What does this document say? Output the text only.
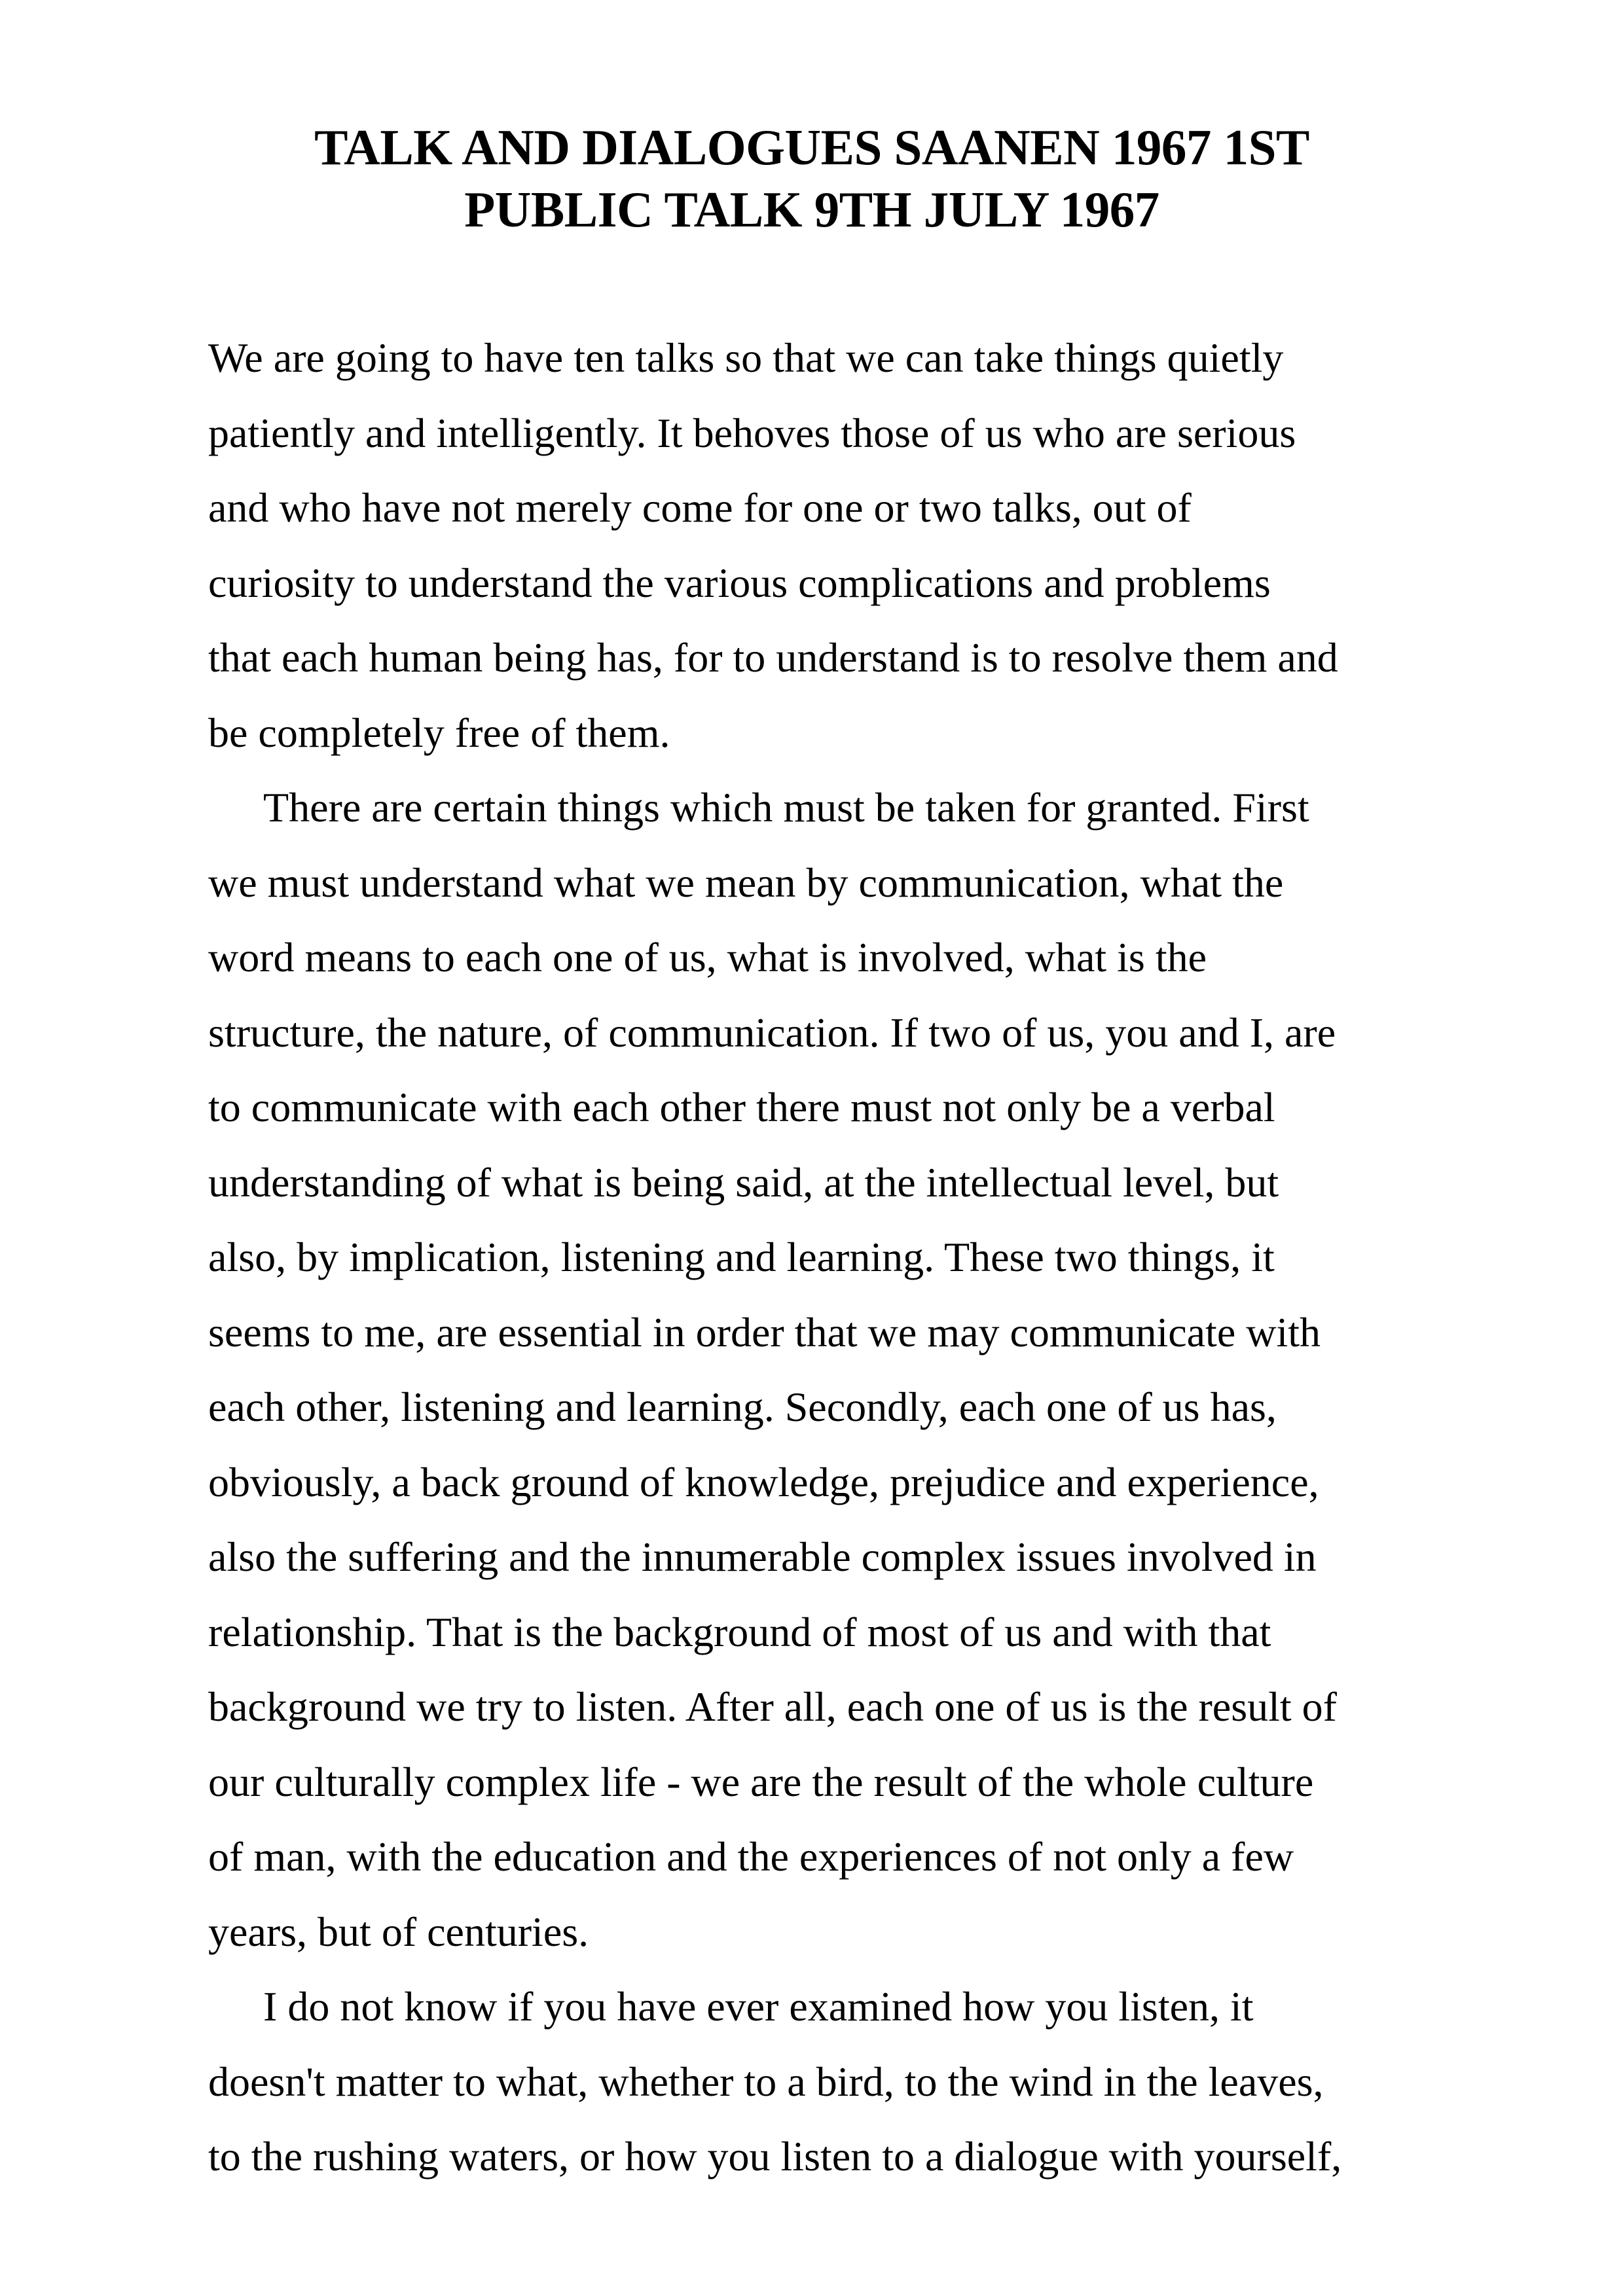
TALK AND DIALOGUES SAANEN 1967 1ST
PUBLIC TALK 9TH JULY 1967
We are going to have ten talks so that we can take things quietly
patiently and intelligently. It behoves those of us who are serious
and who have not merely come for one or two talks, out of
curiosity to understand the various complications and problems
that each human being has, for to understand is to resolve them and
be completely free of them.
There are certain things which must be taken for granted. First
we must understand what we mean by communication, what the
word means to each one of us, what is involved, what is the
structure, the nature, of communication. If two of us, you and I, are
to communicate with each other there must not only be a verbal
understanding of what is being said, at the intellectual level, but
also, by implication, listening and learning. These two things, it
seems to me, are essential in order that we may communicate with
each other, listening and learning. Secondly, each one of us has,
obviously, a back ground of knowledge, prejudice and experience,
also the suffering and the innumerable complex issues involved in
relationship. That is the background of most of us and with that
background we try to listen. After all, each one of us is the result of
our culturally complex life - we are the result of the whole culture
of man, with the education and the experiences of not only a few
years, but of centuries.
I do not know if you have ever examined how you listen, it
doesn't matter to what, whether to a bird, to the wind in the leaves,
to the rushing waters, or how you listen to a dialogue with yourself,
